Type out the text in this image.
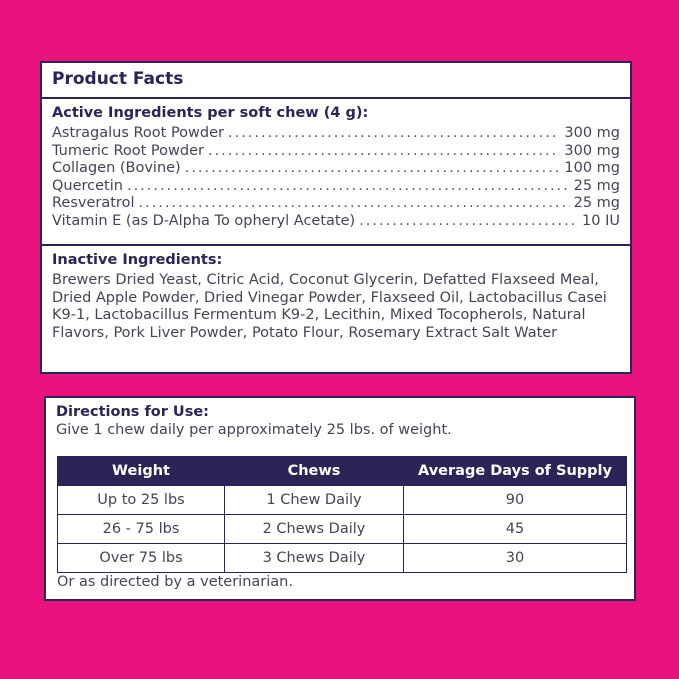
Product Facts
Active Ingredients per soft chew (4 g):
Astragalus Root Powder .....	300 mg
Tumeric Root Powder .....	300 mg
Collagen (Bovine) .....	100 mg
Quercetin .....	25 mg
Resveratrol .....	25 mg
Vitamin E (as D-Alpha To opheryl Acetate) .....	10 IU
Inactive Ingredients:
Brewers Dried Yeast, Citric Acid, Coconut Glycerin, Defatted Flaxseed Meal, Dried Apple Powder, Dried Vinegar Powder, Flaxseed Oil, Lactobacillus Casei K9-1, Lactobacillus Fermentum K9-2, Lecithin, Mixed Tocopherols, Natural Flavors, Pork Liver Powder, Potato Flour, Rosemary Extract Salt Water
Directions for Use:
Give 1 chew daily per approximately 25 lbs. of weight.
Weight	Chews	Average Days of Supply
Up to 25 lbs	1 Chew Daily	90
26 - 75 lbs	2 Chews Daily	45
Over 75 lbs	3 Chews Daily	30
Or as directed by a veterinarian.
